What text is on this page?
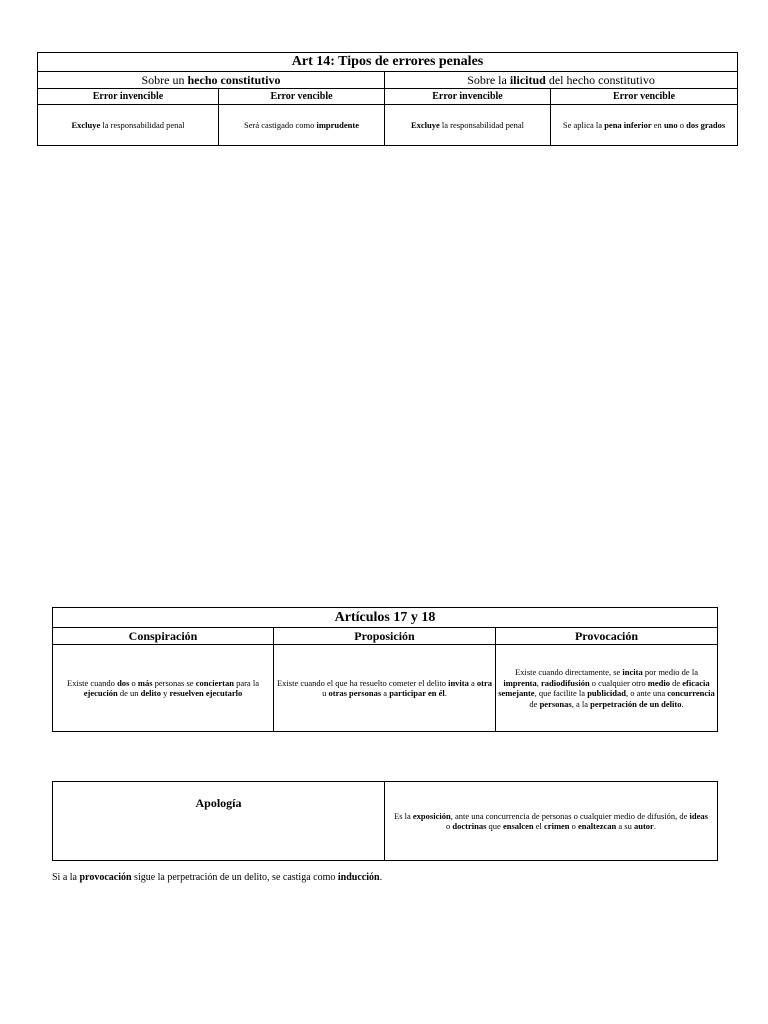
Art 14: Tipos de errores penales			
Sobre un hecho constitutivo		Sobre la ilicitud del hecho constitutivo	
Error invencible	Error vencible	Error invencible	Error vencible
Excluye la responsabilidad penal	Será castigado como imprudente	Excluye la responsabilidad penal	Se aplica la pena inferior en uno o dos grados
Artículos 17 y 18		
Conspiración	Proposición	Provocación
Existe cuando dos o más personas se conciertan para la ejecución de un delito y resuelven ejecutarlo	Existe cuando el que ha resuelto cometer el delito invita a otra u otras personas a participar en él.	Existe cuando directamente, se incita por medio de la imprenta, radiodifusión o cualquier otro medio de eficacia semejante, que facilite la publicidad, o ante una concurrencia de personas, a la perpetración de un delito.
Apología	Es la exposición, ante una concurrencia de personas o cualquier medio de difusión, de ideas o doctrinas que ensalcen el crimen o enaltezcan a su autor.

Si a la provocación sigue la perpetración de un delito, se castiga como inducción.
